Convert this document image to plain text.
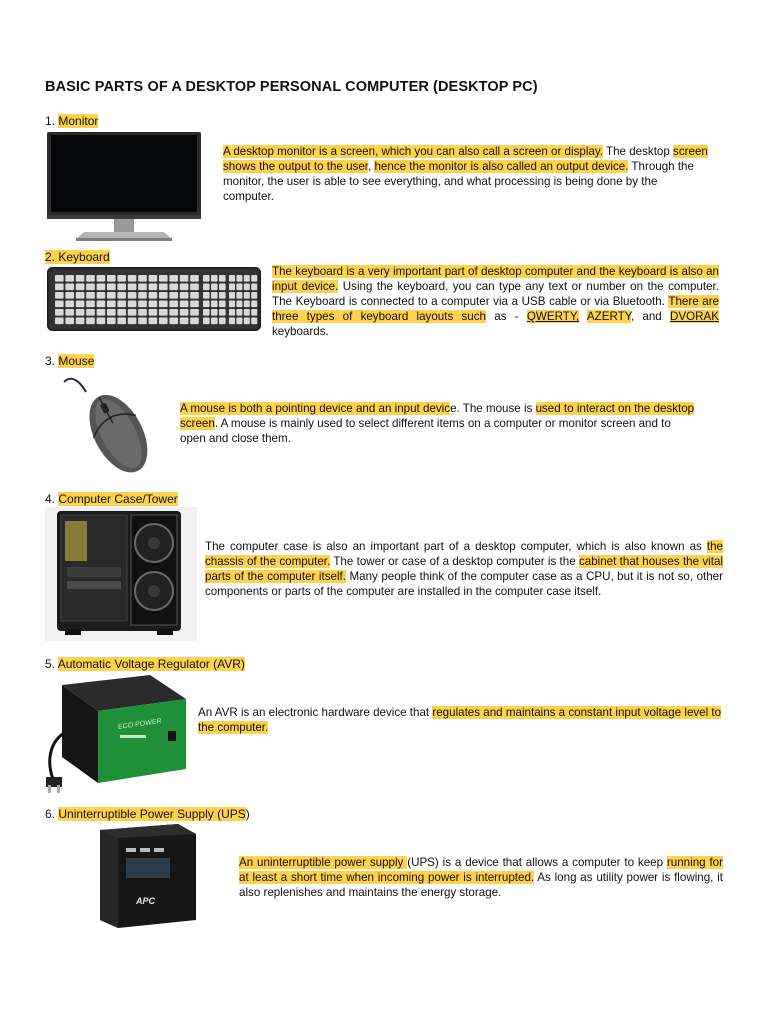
BASIC PARTS OF A DESKTOP PERSONAL COMPUTER (DESKTOP PC)
1. Monitor
A desktop monitor is a screen, which you can also call a screen or display. The desktop screen shows the output to the user, hence the monitor is also called an output device. Through the monitor, the user is able to see everything, and what processing is being done by the computer.
2. Keyboard
The keyboard is a very important part of desktop computer and the keyboard is also an input device. Using the keyboard, you can type any text or number on the computer. The Keyboard is connected to a computer via a USB cable or via Bluetooth. There are three types of keyboard layouts such as - QWERTY, AZERTY, and DVORAK keyboards.
3. Mouse
A mouse is both a pointing device and an input device. The mouse is used to interact on the desktop screen. A mouse is mainly used to select different items on a computer or monitor screen and to open and close them.
4. Computer Case/Tower
The computer case is also an important part of a desktop computer, which is also known as the chassis of the computer. The tower or case of a desktop computer is the cabinet that houses the vital parts of the computer itself. Many people think of the computer case as a CPU, but it is not so, other components or parts of the computer are installed in the computer case itself.
5. Automatic Voltage Regulator (AVR)
ECO POWER
An AVR is an electronic hardware device that regulates and maintains a constant input voltage level to the computer.
6. Uninterruptible Power Supply (UPS)
APC
An uninterruptible power supply (UPS) is a device that allows a computer to keep running for at least a short time when incoming power is interrupted. As long as utility power is flowing, it also replenishes and maintains the energy storage.
